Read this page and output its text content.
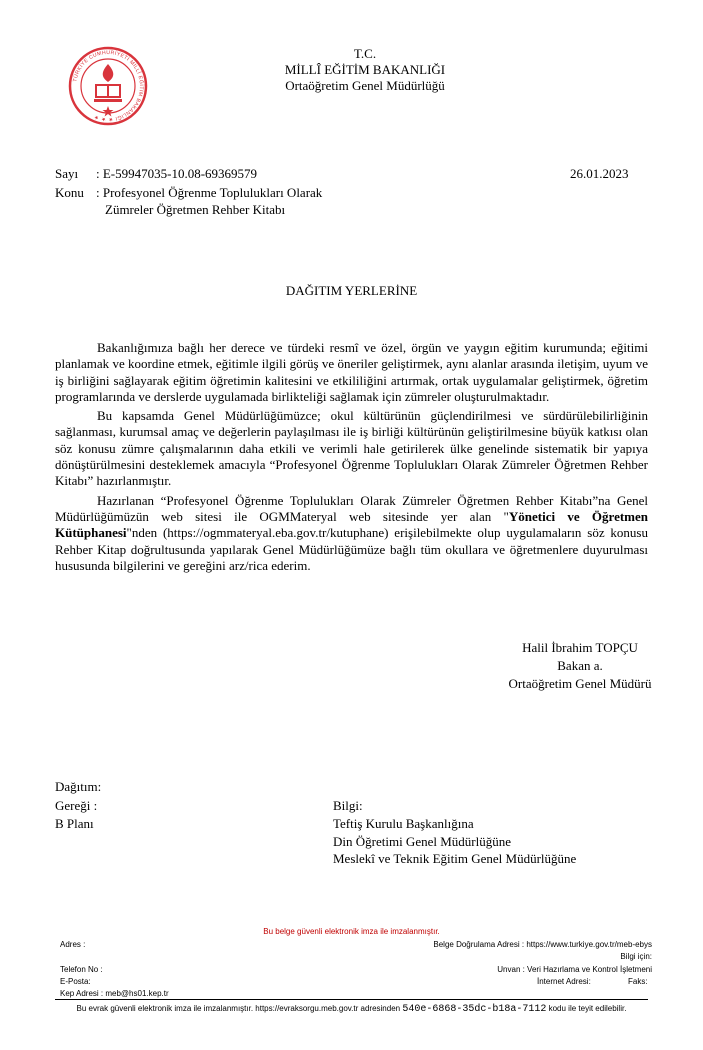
TÜRKİYE CUMHURİYETİ MİLLÎ EĞİTİM BAKANLIĞI ★ ★ ★
T.C.
MİLLÎ EĞİTİM BAKANLIĞI
Ortaöğretim Genel Müdürlüğü
Sayı : E-59947035-10.08-69369579	26.01.2023
Konu : Profesyonel Öğrenme Toplulukları Olarak
Zümreler Öğretmen Rehber Kitabı
DAĞITIM YERLERİNE

Bakanlığımıza bağlı her derece ve türdeki resmî ve özel, örgün ve yaygın eğitim kurumunda; eğitimi planlamak ve koordine etmek, eğitimle ilgili görüş ve öneriler geliştirmek, aynı alanlar arasında iletişim, uyum ve iş birliğini sağlayarak eğitim öğretimin kalitesini ve etkililiğini artırmak, ortak uygulamalar geliştirmek, öğretim programlarında ve derslerde uygulamada birlikteliği sağlamak için zümreler oluşturulmaktadır.

Bu kapsamda Genel Müdürlüğümüzce; okul kültürünün güçlendirilmesi ve sürdürülebilirliğinin sağlanması, kurumsal amaç ve değerlerin paylaşılması ile iş birliği kültürünün geliştirilmesine büyük katkısı olan söz konusu zümre çalışmalarının daha etkili ve verimli hale getirilerek ülke genelinde sistematik bir yapıya dönüştürülmesini desteklemek amacıyla “Profesyonel Öğrenme Toplulukları Olarak Zümreler Öğretmen Rehber Kitabı” hazırlanmıştır.

Hazırlanan “Profesyonel Öğrenme Toplulukları Olarak Zümreler Öğretmen Rehber Kitabı”na Genel Müdürlüğümüzün web sitesi ile OGMMateryal web sitesinde yer alan "Yönetici ve Öğretmen Kütüphanesi"nden (https://ogmmateryal.eba.gov.tr/kutuphane) erişilebilmekte olup uygulamaların söz konusu Rehber Kitap doğrultusunda yapılarak Genel Müdürlüğümüze bağlı tüm okullara ve öğretmenlere duyurulması hususunda bilgilerini ve gereğini arz/rica ederim.

Halil İbrahim TOPÇU
Bakan a.
Ortaöğretim Genel Müdürü
Dağıtım:
Gereği :
B Planı
Bilgi:
Teftiş Kurulu Başkanlığına
Din Öğretimi Genel Müdürlüğüne
Meslekî ve Teknik Eğitim Genel Müdürlüğüne
Bu belge güvenli elektronik imza ile imzalanmıştır.
Adres :	Belge Doğrulama Adresi : https://www.turkiye.gov.tr/meb-ebys
Bilgi için:
Telefon No :	Unvan : Veri Hazırlama ve Kontrol İşletmeni
E-Posta:	İnternet Adresi:	Faks:
Kep Adresi : meb@hs01.kep.tr
Bu evrak güvenli elektronik imza ile imzalanmıştır. https://evraksorgu.meb.gov.tr adresinden 540e-6868-35dc-b18a-7112 kodu ile teyit edilebilir.
